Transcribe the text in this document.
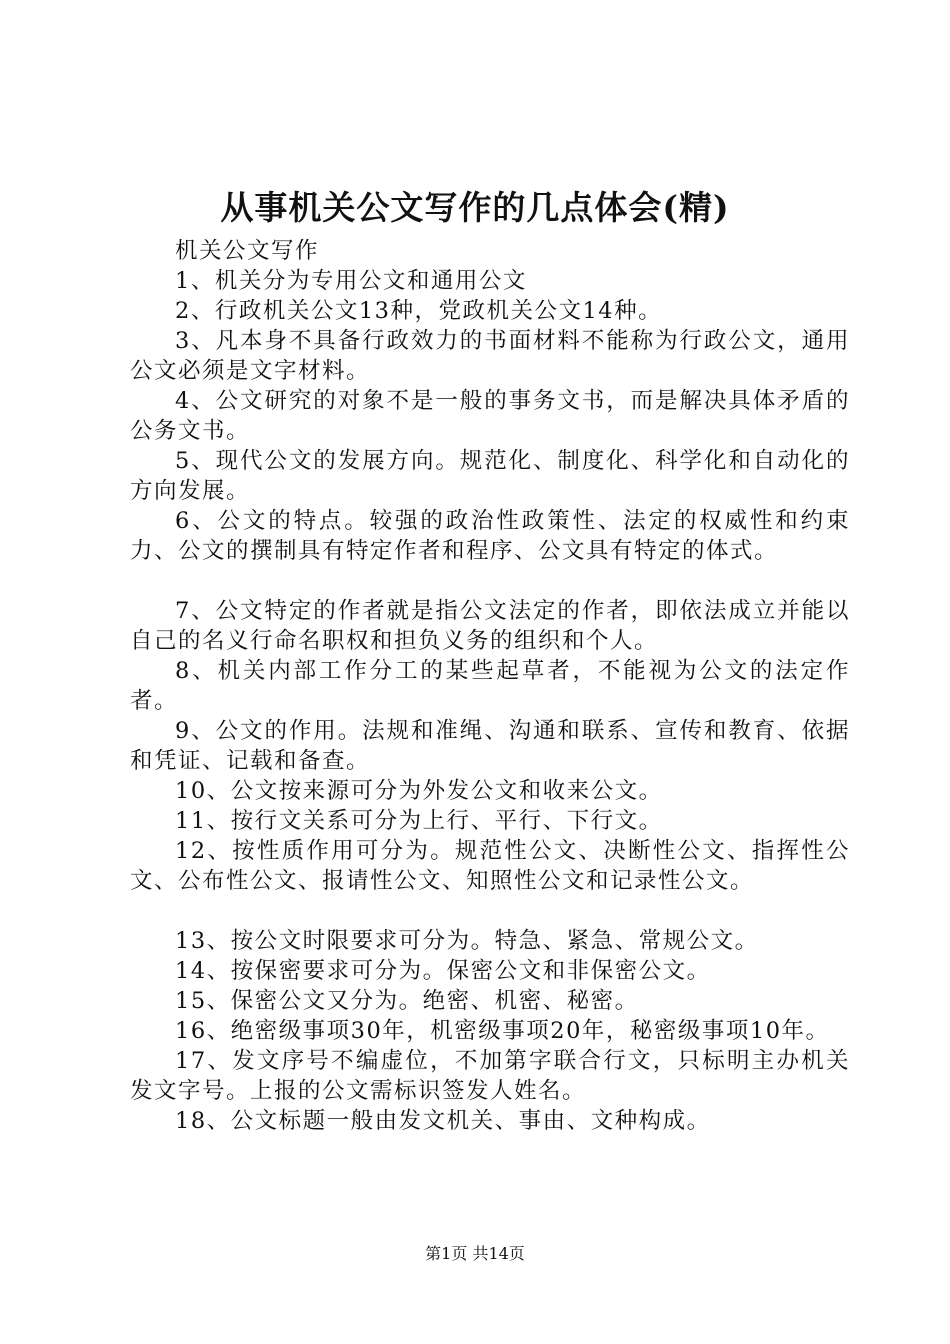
从事机关公文写作的几点体会(精)

机关公文写作

1、机关分为专用公文和通用公文

2、行政机关公文13种，党政机关公文14种。

3、凡本身不具备行政效力的书面材料不能称为行政公文，通用公文必须是文字材料。

4、公文研究的对象不是一般的事务文书，而是解决具体矛盾的公务文书。

5、现代公文的发展方向。规范化、制度化、科学化和自动化的方向发展。

6、公文的特点。较强的政治性政策性、法定的权威性和约束力、公文的撰制具有特定作者和程序、公文具有特定的体式。

7、公文特定的作者就是指公文法定的作者，即依法成立并能以自己的名义行命名职权和担负义务的组织和个人。

8、机关内部工作分工的某些起草者，不能视为公文的法定作者。

9、公文的作用。法规和准绳、沟通和联系、宣传和教育、依据和凭证、记载和备查。

10、公文按来源可分为外发公文和收来公文。

11、按行文关系可分为上行、平行、下行文。

12、按性质作用可分为。规范性公文、决断性公文、指挥性公文、公布性公文、报请性公文、知照性公文和记录性公文。

13、按公文时限要求可分为。特急、紧急、常规公文。

14、按保密要求可分为。保密公文和非保密公文。

15、保密公文又分为。绝密、机密、秘密。

16、绝密级事项30年，机密级事项20年，秘密级事项10年。

17、发文序号不编虚位，不加第字联合行文，只标明主办机关发文字号。上报的公文需标识签发人姓名。

18、公文标题一般由发文机关、事由、文种构成。

第1页 共14页
